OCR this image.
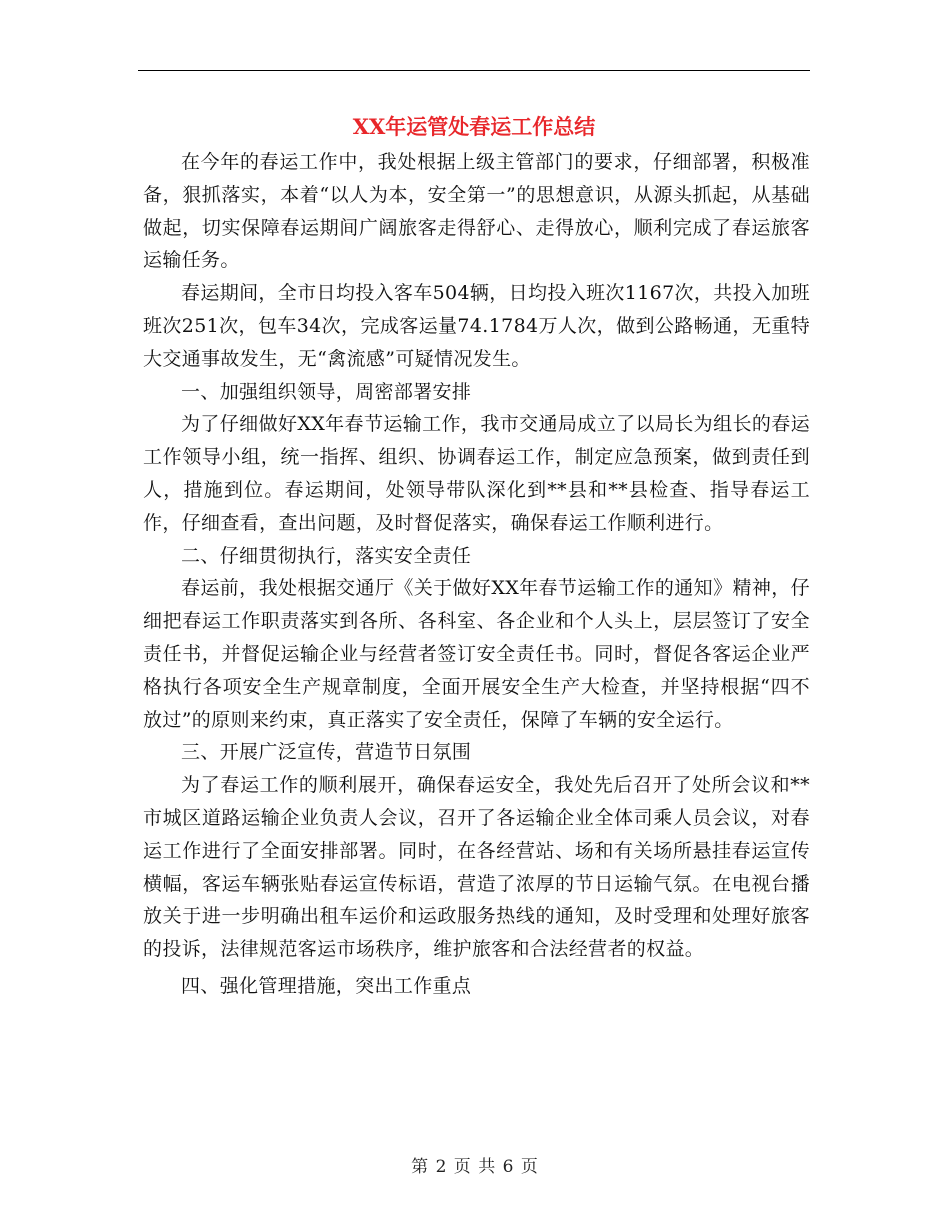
XX年运管处春运工作总结

在今年的春运工作中，我处根据上级主管部门的要求，仔细部署，积极准备，狠抓落实，本着“以人为本，安全第一”的思想意识，从源头抓起，从基础做起，切实保障春运期间广阔旅客走得舒心、走得放心，顺利完成了春运旅客运输任务。

春运期间，全市日均投入客车504辆，日均投入班次1167次，共投入加班班次251次，包车34次，完成客运量74.1784万人次，做到公路畅通，无重特大交通事故发生，无“禽流感”可疑情况发生。

一、加强组织领导，周密部署安排

为了仔细做好XX年春节运输工作，我市交通局成立了以局长为组长的春运工作领导小组，统一指挥、组织、协调春运工作，制定应急预案，做到责任到人，措施到位。春运期间，处领导带队深化到**县和**县检查、指导春运工作，仔细查看，查出问题，及时督促落实，确保春运工作顺利进行。

二、仔细贯彻执行，落实安全责任

春运前，我处根据交通厅《关于做好XX年春节运输工作的通知》精神，仔细把春运工作职责落实到各所、各科室、各企业和个人头上，层层签订了安全责任书，并督促运输企业与经营者签订安全责任书。同时，督促各客运企业严格执行各项安全生产规章制度，全面开展安全生产大检查，并坚持根据“四不放过”的原则来约束，真正落实了安全责任，保障了车辆的安全运行。

三、开展广泛宣传，营造节日氛围

为了春运工作的顺利展开，确保春运安全，我处先后召开了处所会议和**市城区道路运输企业负责人会议，召开了各运输企业全体司乘人员会议，对春运工作进行了全面安排部署。同时，在各经营站、场和有关场所悬挂春运宣传横幅，客运车辆张贴春运宣传标语，营造了浓厚的节日运输气氛。在电视台播放关于进一步明确出租车运价和运政服务热线的通知，及时受理和处理好旅客的投诉，法律规范客运市场秩序，维护旅客和合法经营者的权益。

四、强化管理措施，突出工作重点

第 2 页 共 6 页
